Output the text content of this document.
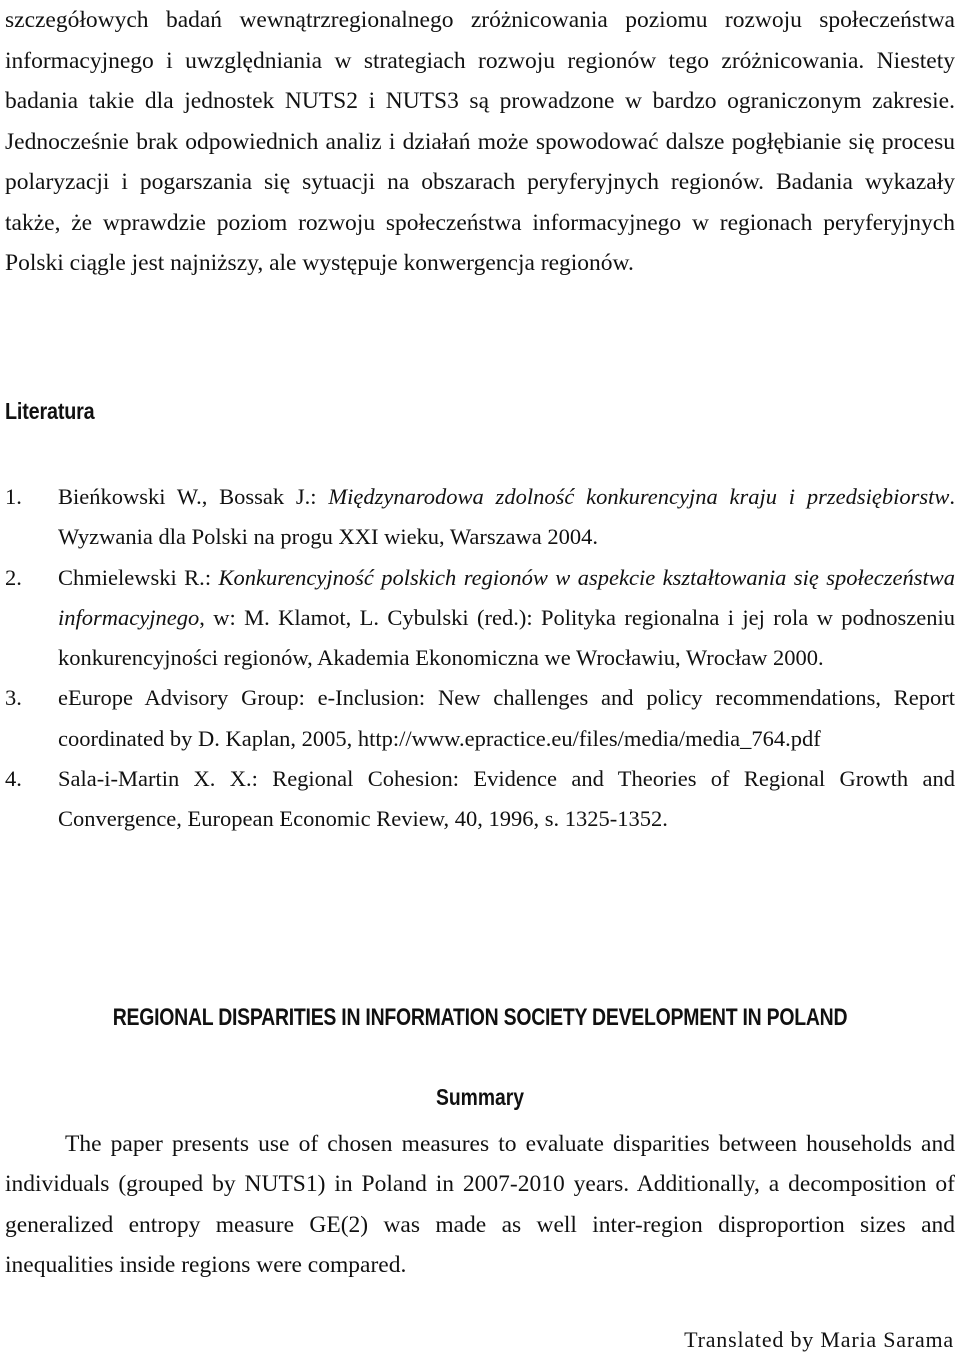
szczegółowych badań wewnątrzregionalnego zróżnicowania poziomu rozwoju społeczeństwa informacyjnego i uwzględniania w strategiach rozwoju regionów tego zróżnicowania. Niestety badania takie dla jednostek NUTS2 i NUTS3 są prowadzone w bardzo ograniczonym zakresie. Jednocześnie brak odpowiednich analiz i działań może spowodować dalsze pogłębianie się procesu polaryzacji i pogarszania się sytuacji na obszarach peryferyjnych regionów. Badania wykazały także, że wprawdzie poziom rozwoju społeczeństwa informacyjnego w regionach peryferyjnych Polski ciągle jest najniższy, ale występuje konwergencja regionów.

Literatura
1. Bieńkowski W., Bossak J.: Międzynarodowa zdolność konkurencyjna kraju i przedsiębiorstw. Wyzwania dla Polski na progu XXI wieku, Warszawa 2004.
2. Chmielewski R.: Konkurencyjność polskich regionów w aspekcie kształtowania się społeczeństwa informacyjnego, w: M. Klamot, L. Cybulski (red.): Polityka regionalna i jej rola w podnoszeniu konkurencyjności regionów, Akademia Ekonomiczna we Wrocławiu, Wrocław 2000.
3. eEurope Advisory Group: e-Inclusion: New challenges and policy recommendations, Report coordinated by D. Kaplan, 2005, http://www.epractice.eu/files/media/media_764.pdf
4. Sala-i-Martin X. X.: Regional Cohesion: Evidence and Theories of Regional Growth and Convergence, European Economic Review, 40, 1996, s. 1325-1352.
REGIONAL DISPARITIES IN INFORMATION SOCIETY DEVELOPMENT IN POLAND
Summary

The paper presents use of chosen measures to evaluate disparities between households and individuals (grouped by NUTS1) in Poland in 2007-2010 years. Additionally, a decomposition of generalized entropy measure GE(2) was made as well inter-region disproportion sizes and inequalities inside regions were compared.

Translated by Maria Sarama
